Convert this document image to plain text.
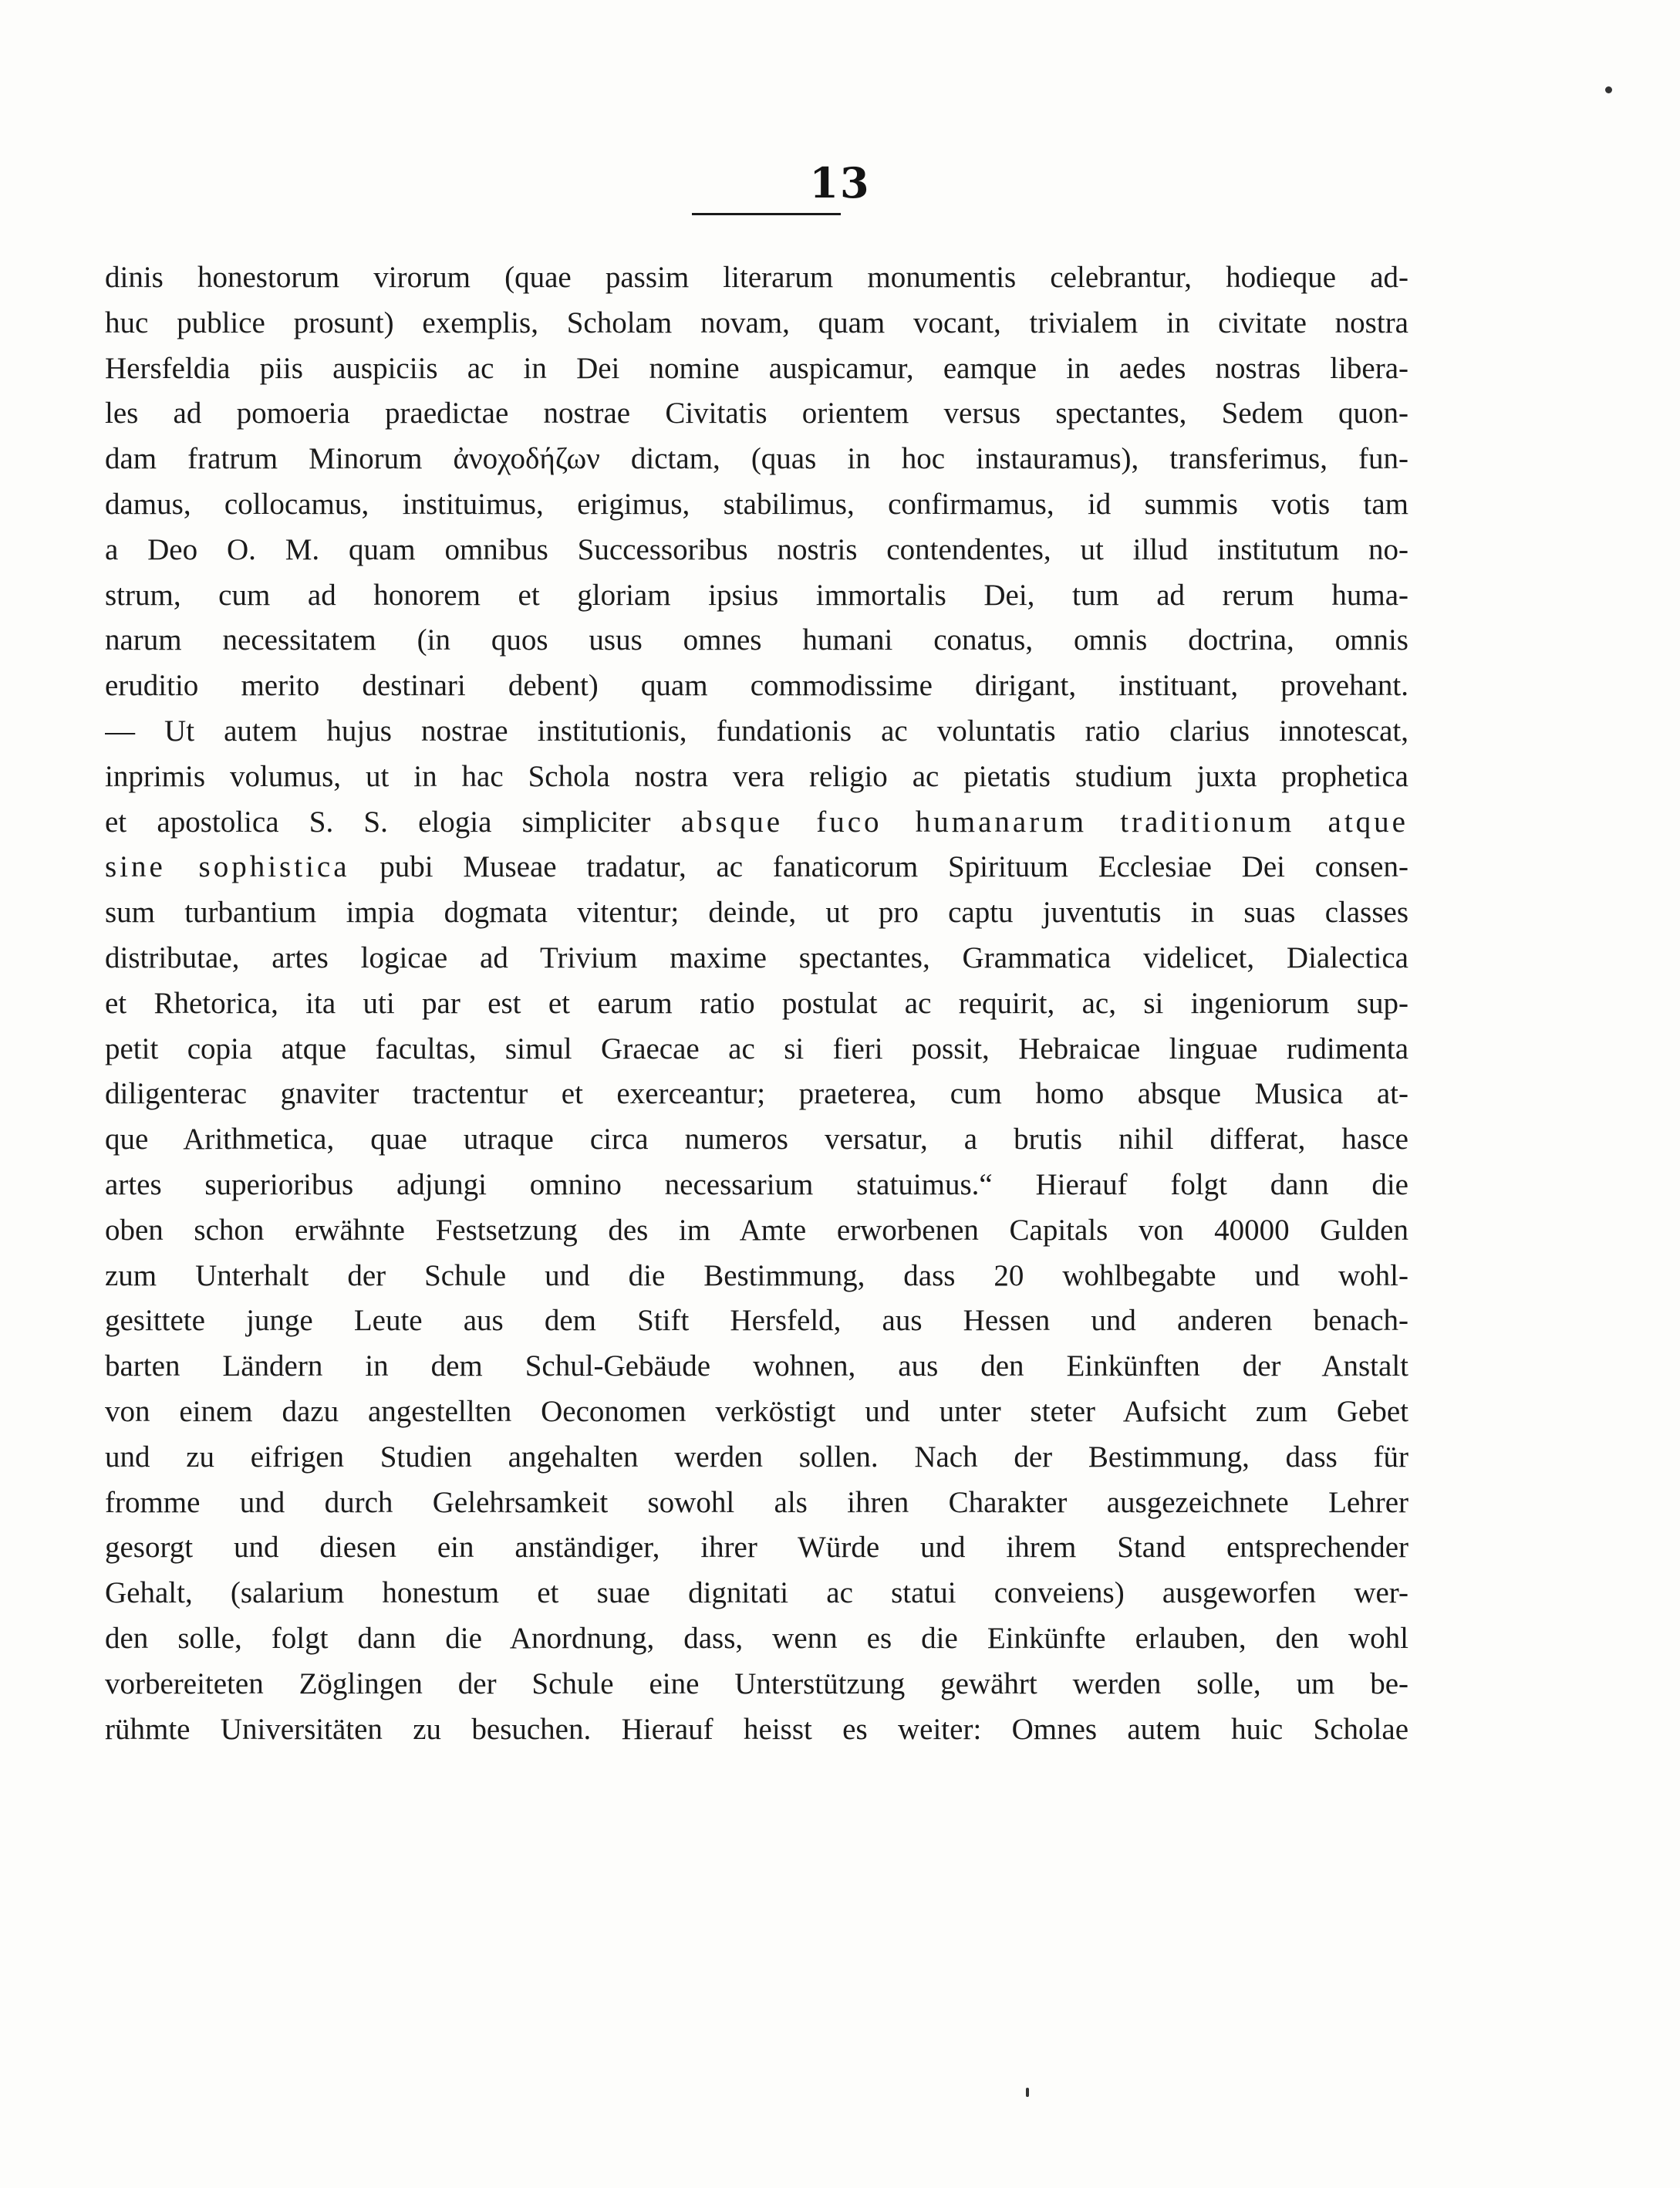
13
dinis honestorum virorum (quae passim literarum monumentis celebrantur, hodieque ad-
huc publice prosunt) exemplis, Scholam novam, quam vocant, trivialem in civitate nostra
Hersfeldia piis auspiciis ac in Dei nomine auspicamur, eamque in aedes nostras libera-
les ad pomoeria praedictae nostrae Civitatis orientem versus spectantes, Sedem quon-
dam fratrum Minorum ἀνοχοδήζων dictam, (quas in hoc instauramus), transferimus, fun-
damus, collocamus, instituimus, erigimus, stabilimus, confirmamus, id summis votis tam
a Deo O. M. quam omnibus Successoribus nostris contendentes, ut illud institutum no-
strum, cum ad honorem et gloriam ipsius immortalis Dei, tum ad rerum huma-
narum necessitatem (in quos usus omnes humani conatus, omnis doctrina, omnis
eruditio merito destinari debent) quam commodissime dirigant, instituant, provehant.
— Ut autem hujus nostrae institutionis, fundationis ac voluntatis ratio clarius innotescat,
inprimis volumus, ut in hac Schola nostra vera religio ac pietatis studium juxta prophetica
et apostolica S. S. elogia simpliciter absque fuco humanarum traditionum atque
sine sophistica pubi Museae tradatur, ac fanaticorum Spirituum Ecclesiae Dei consen-
sum turbantium impia dogmata vitentur; deinde, ut pro captu juventutis in suas classes
distributae, artes logicae ad Trivium maxime spectantes, Grammatica videlicet, Dialectica
et Rhetorica, ita uti par est et earum ratio postulat ac requirit, ac, si ingeniorum sup-
petit copia atque facultas, simul Graecae ac si fieri possit, Hebraicae linguae rudimenta
diligenterac gnaviter tractentur et exerceantur; praeterea, cum homo absque Musica at-
que Arithmetica, quae utraque circa numeros versatur, a brutis nihil differat, hasce
artes superioribus adjungi omnino necessarium statuimus.“ Hierauf folgt dann die
oben schon erwähnte Festsetzung des im Amte erworbenen Capitals von 40000 Gulden
zum Unterhalt der Schule und die Bestimmung, dass 20 wohlbegabte und wohl-
gesittete junge Leute aus dem Stift Hersfeld, aus Hessen und anderen benach-
barten Ländern in dem Schul-Gebäude wohnen, aus den Einkünften der Anstalt
von einem dazu angestellten Oeconomen verköstigt und unter steter Aufsicht zum Gebet
und zu eifrigen Studien angehalten werden sollen. Nach der Bestimmung, dass für
fromme und durch Gelehrsamkeit sowohl als ihren Charakter ausgezeichnete Lehrer
gesorgt und diesen ein anständiger, ihrer Würde und ihrem Stand entsprechender
Gehalt, (salarium honestum et suae dignitati ac statui conveiens) ausgeworfen wer-
den solle, folgt dann die Anordnung, dass, wenn es die Einkünfte erlauben, den wohl
vorbereiteten Zöglingen der Schule eine Unterstützung gewährt werden solle, um be-
rühmte Universitäten zu besuchen. Hierauf heisst es weiter: Omnes autem huic Scholae
